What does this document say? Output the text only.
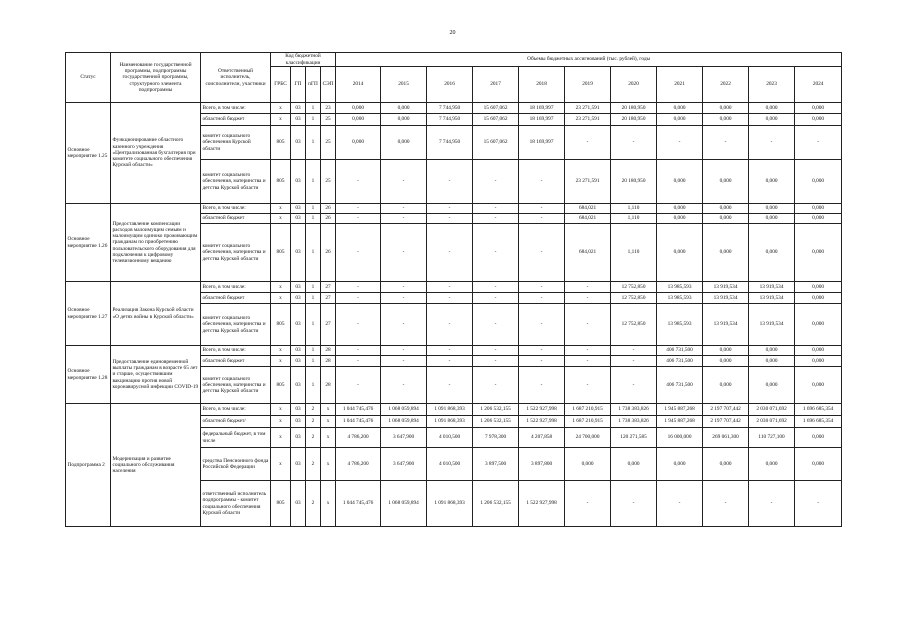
20
Статус	Наименование государственной программы, подпрограммы государственной программы, структурного элемента подпрограммы	Ответственный исполнитель, соисполнители, участники	Код бюджетной классификации				Объемы бюджетных ассигнований (тыс. рублей), годы										
			ГРБС	ГП	пГП	СЭП	2014	2015	2016	2017	2018	2019	2020	2021	2022	2023	2024
Основное мероприятие 1.25	Функционирование областного казенного учреждения «Централизованная бухгалтерия при комитете социального обеспечения Курской области»	Всего, в том числе:	х	03	1	23	0,000	0,000	7 744,950	15 607,062	18 169,997	23 271,591	20 180,950	0,000	0,000	0,000	0,000
		областной бюджет	х	03	1	25	0,000	0,000	7 744,950	15 607,062	18 169,997	23 271,591	20 180,950	0,000	0,000	0,000	0,000
		комитет социального обеспечения Курской области	805	03	1	25	0,000	0,000	7 744,950	15 607,062	18 169,997	-	-	-	-	-	-
		комитет социального обеспечения, материнства и детства Курской области	805	03	1	25	-	-	-	-	-	23 271,591	20 180,950	0,000	0,000	0,000	0,000
Основное мероприятие 1.26	Предоставление компенсации расходов малоимущим семьям и малоимущим одиноко проживающим гражданам по приобретению пользовательского оборудования для подключения к цифровому телевизионному вещанию	Всего, в том числе:	х	03	1	26	-	-	-	-	-	684,021	1,110	0,000	0,000	0,000	0,000
		областной бюджет	х	03	1	26	-	-	-	-	-	684,021	1,110	0,000	0,000	0,000	0,000
		комитет социального обеспечения, материнства и детства Курской области	805	03	1	26	-	-	-	-	-	684,021	1,110	0,000	0,000	0,000	0,000
Основное мероприятие 1.27	Реализация Закона Курской области «О детях войны в Курской области»	Всего, в том числе:	х	03	1	27	-	-	-	-	-	-	12 752,850	13 985,593	13 919,534	13 919,534	0,000
		областной бюджет	х	03	1	27	-	-	-	-	-	-	12 752,850	13 985,593	13 919,534	13 919,534	0,000
		комитет социального обеспечения, материнства и детства Курской области	805	03	1	27	-	-	-	-	-	-	12 752,850	13 985,593	13 919,534	13 919,534	0,000
Основное мероприятие 1.28	Предоставление единовременной выплаты гражданам в возрасте 65 лет и старше, осуществившим вакцинацию против новой коронавирусной инфекции COVID-19	Всего, в том числе:	х	03	1	28	-	-	-	-	-	-	-	406 731,500	0,000	0,000	0,000
		областной бюджет	х	03	1	28	-	-	-	-	-	-	-	406 731,500	0,000	0,000	0,000
		комитет социального обеспечения, материнства и детства Курской области	805	03	1	28	-	-	-	-	-	-	-	406 731,500	0,000	0,000	0,000
Подпрограмма 2	Модернизация и развитие социального обслуживания населения	Всего, в том числе:	х	03	2	х	1 044 745,476	1 068 059,894	1 091 868,393	1 206 532,155	1 522 927,998	1 687 210,915	1 738 383,826	1 945 887,268	2 197 707,442	2 030 071,692	1 696 685,354
		областной бюджет/	х	03	2	х	1 044 745,476	1 068 059,894	1 091 868,393	1 206 532,155	1 522 927,998	1 687 210,915	1 738 383,826	1 945 887,268	2 197 707,442	2 030 071,692	1 696 685,354
		федеральный бюджет, в том числе	х	03	2	х	4 786,200	3 647,900	4 010,500	7 978,300	4 207,858	24 700,000	120 271,585	16 000,000	269 061,300	110 727,100	0,000
		средства Пенсионного фонда Российской Федерации	х	03	2	х	4 786,200	3 647,900	4 010,500	3 897,500	3 897,800	0,000	0,000	0,000	0,000	0,000	0,000
		ответственный исполнитель подпрограммы - комитет социального обеспечения Курской области	805	03	2	х	1 044 745,476	1 068 059,894	1 091 868,393	1 206 532,155	1 522 927,998	-	-	-	-	-	-
